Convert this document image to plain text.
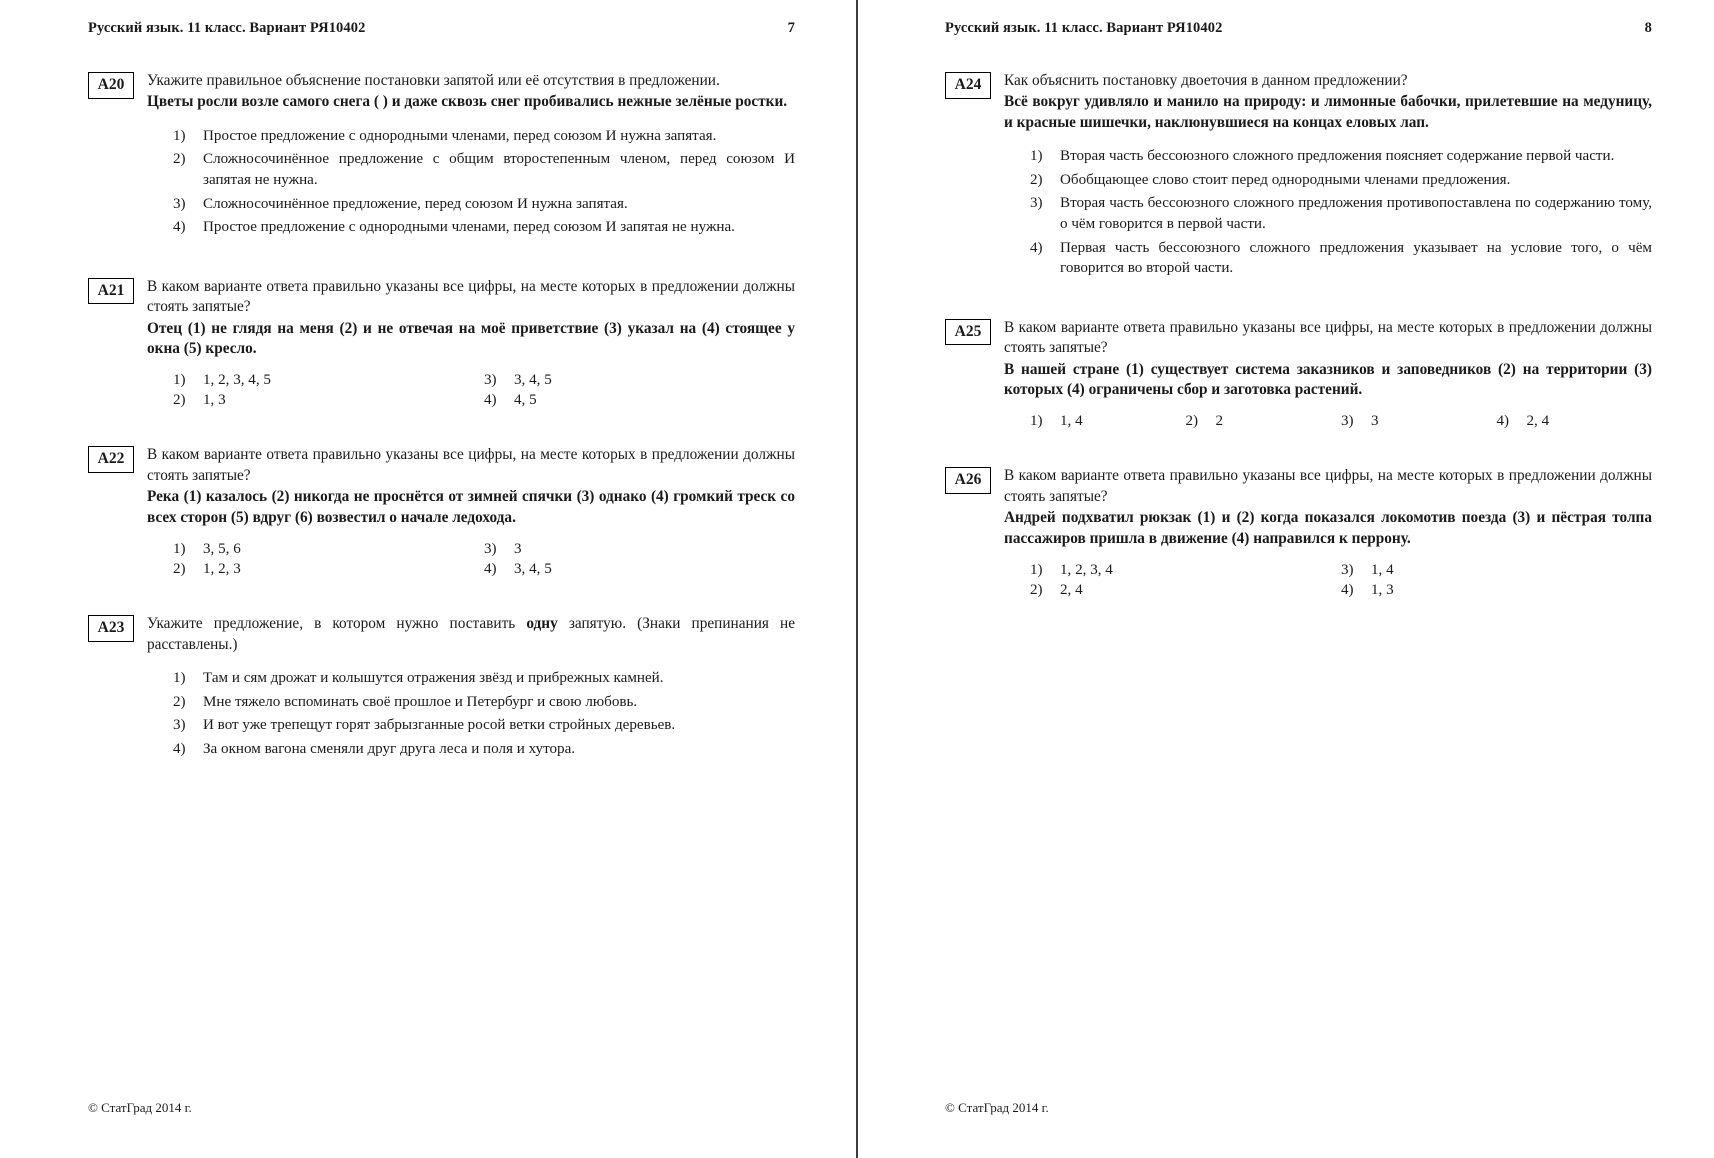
Русский язык. 11 класс. Вариант РЯ10402	7
A20	Укажите правильное объяснение постановки запятой или её отсутствия в предложении.
Цветы росли возле самого снега ( ) и даже сквозь снег пробивались нежные зелёные ростки.
1)	Простое предложение с однородными членами, перед союзом И нужна запятая.
2)	Сложносочинённое предложение с общим второстепенным членом, перед союзом И запятая не нужна.
3)	Сложносочинённое предложение, перед союзом И нужна запятая.
4)	Простое предложение с однородными членами, перед союзом И запятая не нужна.
A21	В каком варианте ответа правильно указаны все цифры, на месте которых в предложении должны стоять запятые?
Отец (1) не глядя на меня (2) и не отвечая на моё приветствие (3) указал на (4) стоящее у окна (5) кресло.
1)	1, 2, 3, 4, 5	3)	3, 4, 5
2)	1, 3	4)	4, 5
A22	В каком варианте ответа правильно указаны все цифры, на месте которых в предложении должны стоять запятые?
Река (1) казалось (2) никогда не проснётся от зимней спячки (3) однако (4) громкий треск со всех сторон (5) вдруг (6) возвестил о начале ледохода.
1)	3, 5, 6	3)	3
2)	1, 2, 3	4)	3, 4, 5
A23	Укажите предложение, в котором нужно поставить одну запятую. (Знаки препинания не расставлены.)
1)	Там и сям дрожат и колышутся отражения звёзд и прибрежных камней.
2)	Мне тяжело вспоминать своё прошлое и Петербург и свою любовь.
3)	И вот уже трепещут горят забрызганные росой ветки стройных деревьев.
4)	За окном вагона сменяли друг друга леса и поля и хутора.
© СтатГрад 2014 г.
Русский язык. 11 класс. Вариант РЯ10402	8
A24	Как объяснить постановку двоеточия в данном предложении?
Всё вокруг удивляло и манило на природу: и лимонные бабочки, прилетевшие на медуницу, и красные шишечки, наклюнувшиеся на концах еловых лап.
1)	Вторая часть бессоюзного сложного предложения поясняет содержание первой части.
2)	Обобщающее слово стоит перед однородными членами предложения.
3)	Вторая часть бессоюзного сложного предложения противопоставлена по содержанию тому, о чём говорится в первой части.
4)	Первая часть бессоюзного сложного предложения указывает на условие того, о чём говорится во второй части.
A25	В каком варианте ответа правильно указаны все цифры, на месте которых в предложении должны стоять запятые?
В нашей стране (1) существует система заказников и заповедников (2) на территории (3) которых (4) ограничены сбор и заготовка растений.
1)	1, 4	2)	2	3)	3	4)	2, 4
A26	В каком варианте ответа правильно указаны все цифры, на месте которых в предложении должны стоять запятые?
Андрей подхватил рюкзак (1) и (2) когда показался локомотив поезда (3) и пёстрая толпа пассажиров пришла в движение (4) направился к перрону.
1)	1, 2, 3, 4	3)	1, 4
2)	2, 4	4)	1, 3
© СтатГрад 2014 г.
